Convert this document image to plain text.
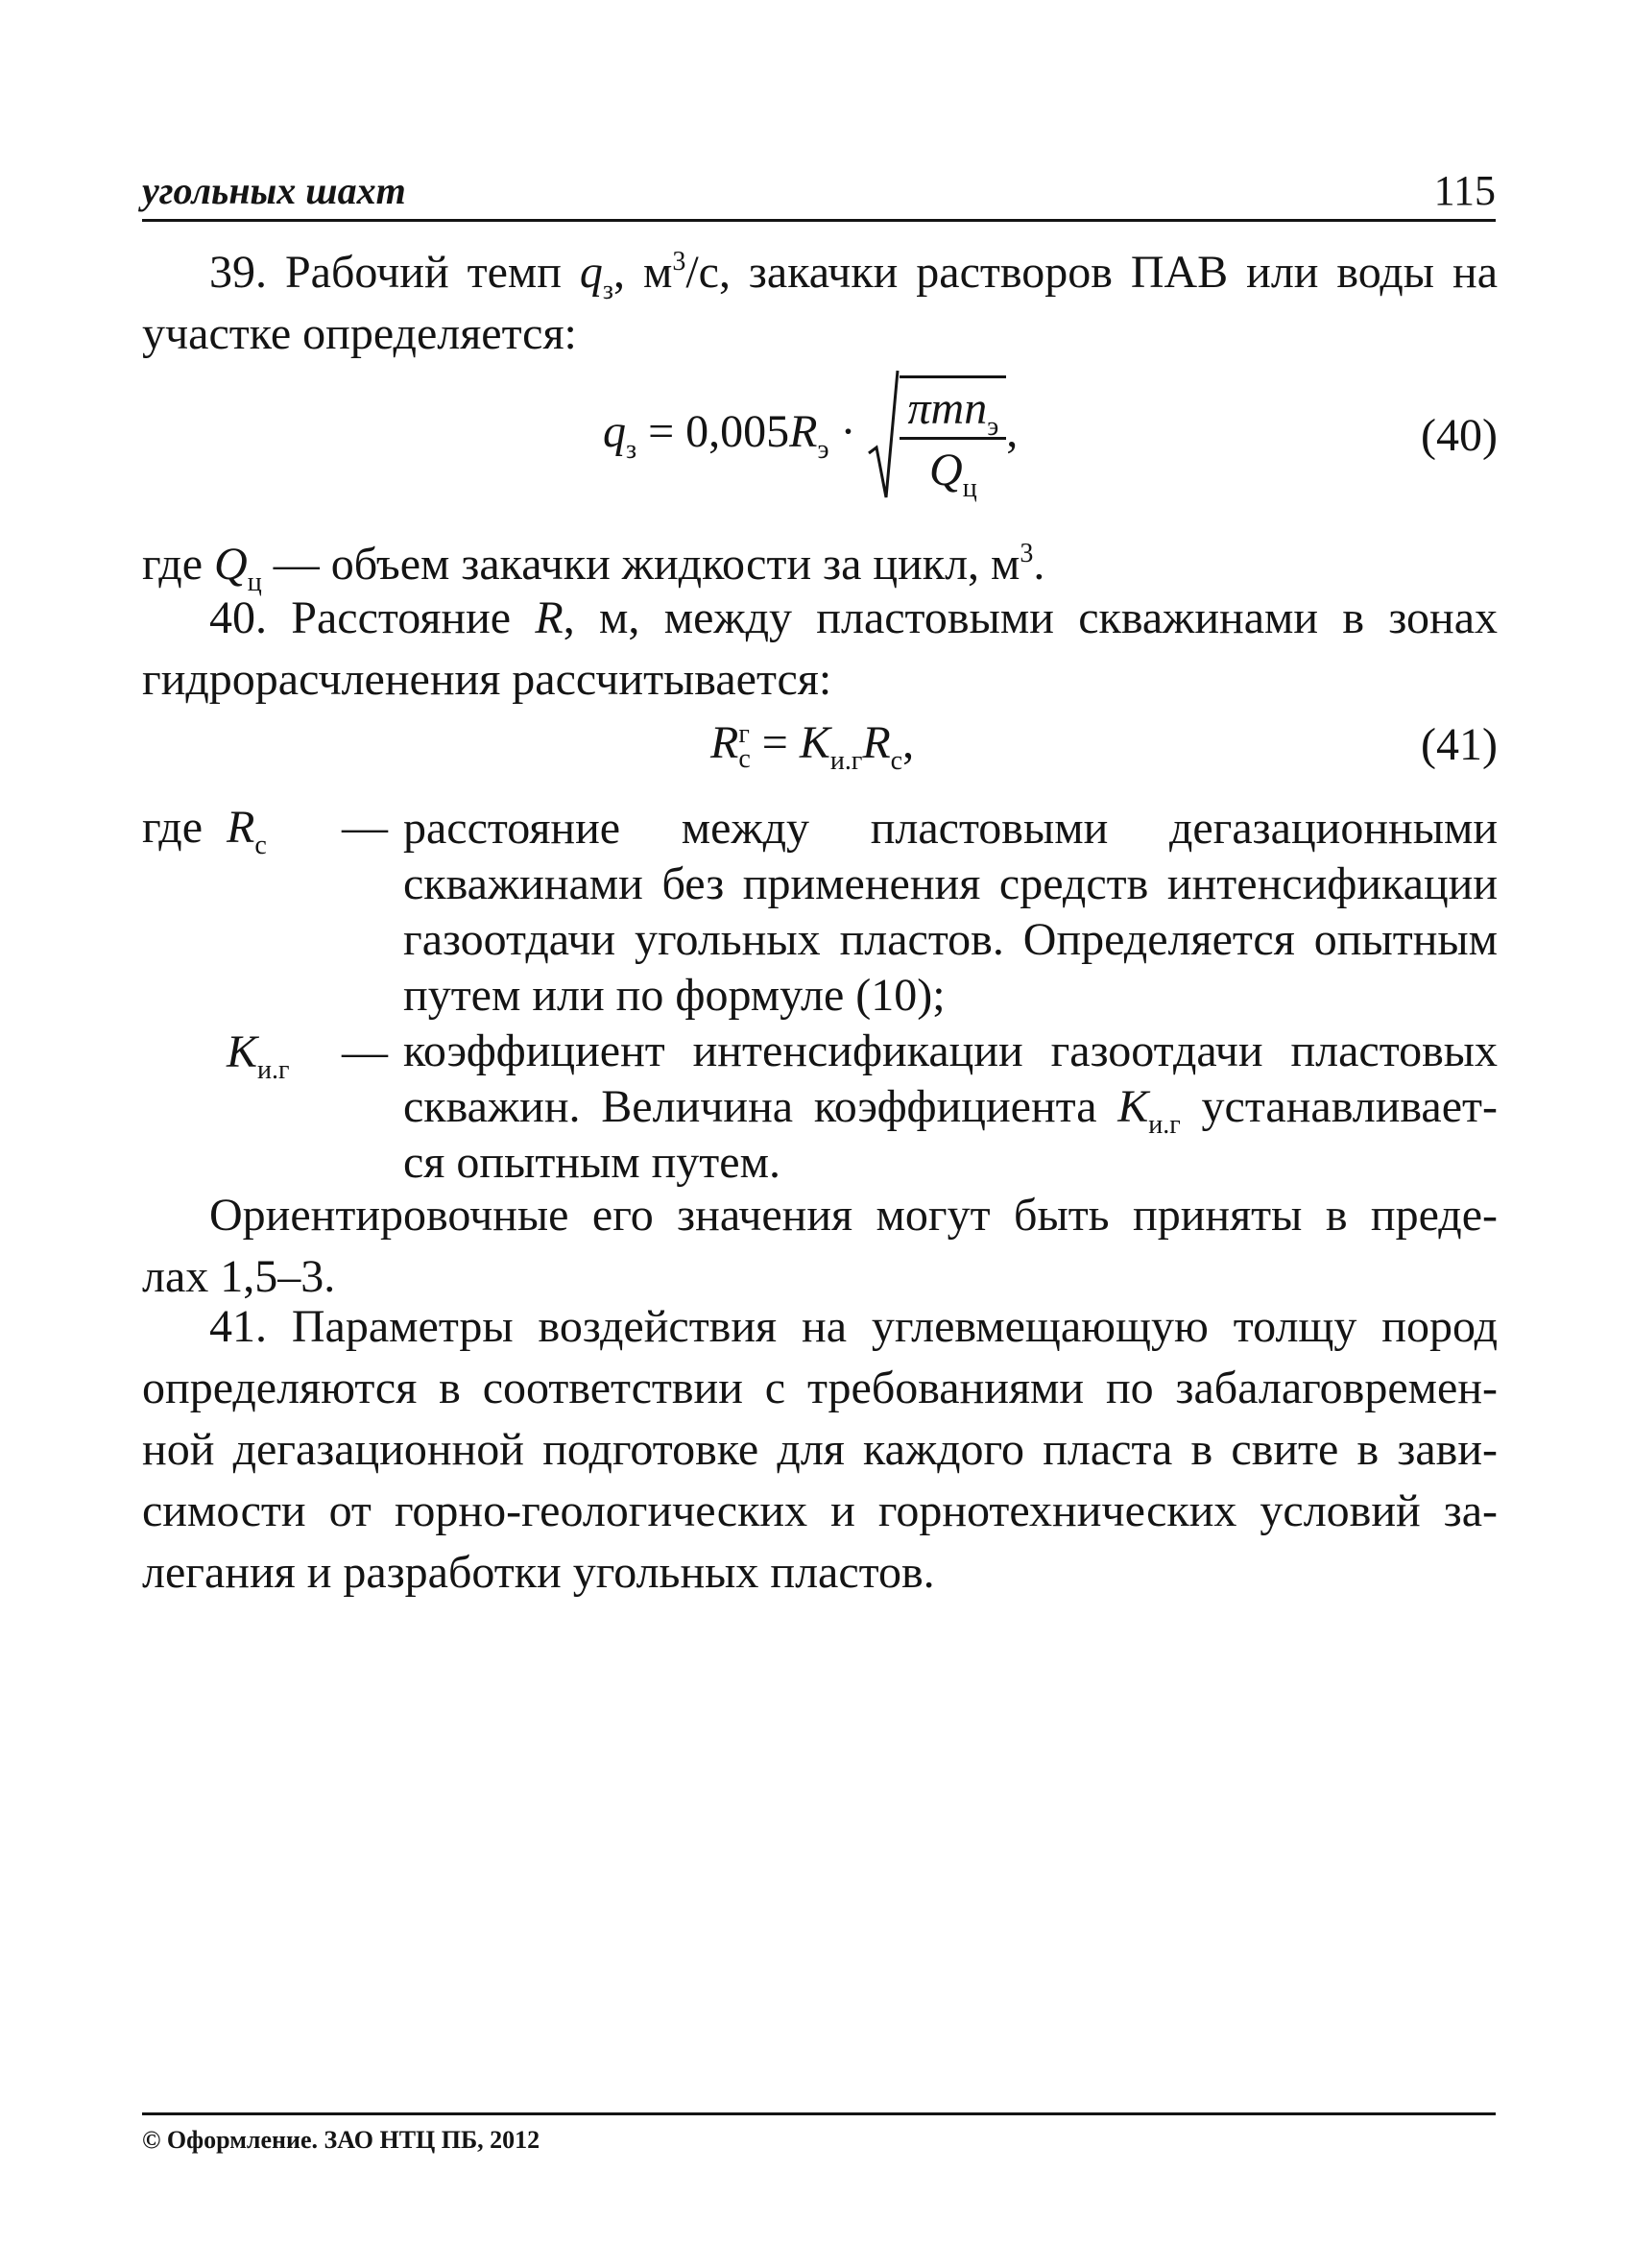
угольных шахт	115

39. Рабочий темп $q_з$, $м^3/с$, закачки растворов ПАВ или воды на
участке определяется:

$q_з = 0,005R_э \cdot \frac{\pi mn_э}{Q_ц}$ ,	(40)
где $Q_ц$ — объем закачки жидкости за цикл, $м^3$.

40. Расстояние R, м, между пластовыми скважинами в зонах
гидрорасчленения рассчитывается:

R г
$с = K_{и.г}R_с$,	(41)
где $R_с$ — расстояние между пластовыми дегазационными
скважинами без применения средств интенсификации
газоотдачи угольных пластов. Определяется опытным
путем или по формуле (10);

$K_{и.г}$ — коэффициент интенсификации газоотдачи пластовых
скважин. Величина коэффициента $K_{и.г}$ устанавливает-
ся опытным путем.

Ориентировочные его значения могут быть приняты в преде-
лах 1,5–3.

41. Параметры воздействия на углевмещающую толщу пород
определяются в соответствии с требованиями по забалаговремен-
ной дегазационной подготовке для каждого пласта в свите в зави-
симости от горно-геологических и горнотехнических условий за-
легания и разработки угольных пластов.

© Оформление. ЗАО НТЦ ПБ, 2012
